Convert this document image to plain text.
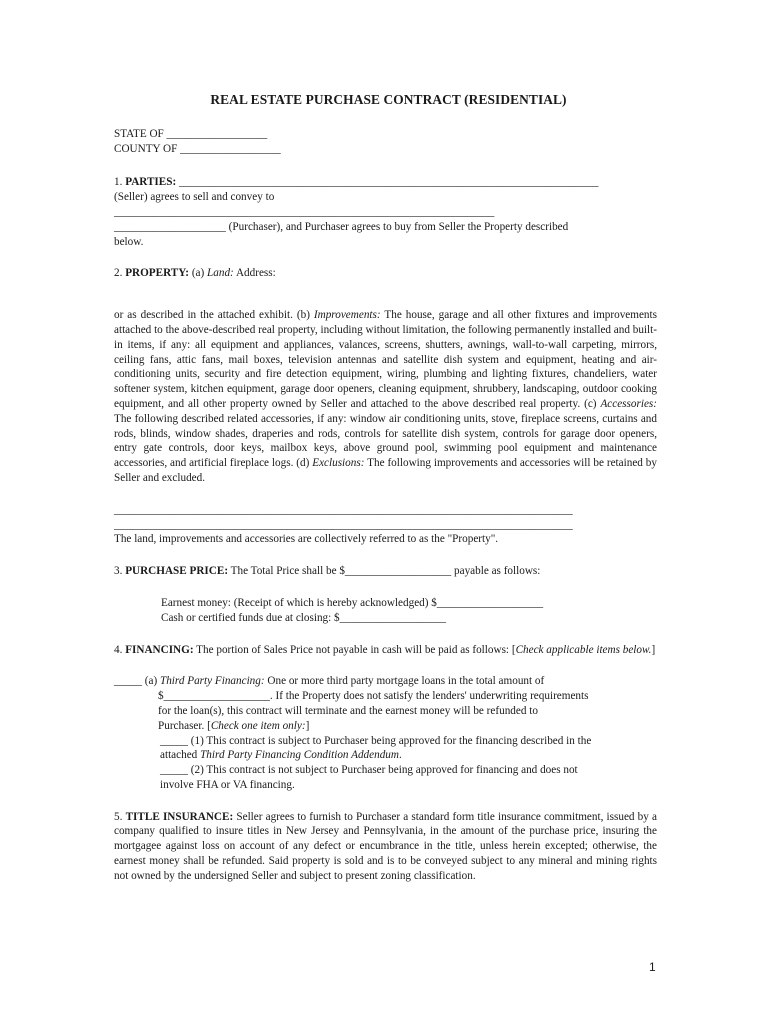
REAL ESTATE PURCHASE CONTRACT (RESIDENTIAL)
STATE OF __________________
COUNTY OF __________________
1. PARTIES: ___________________________________________________________________________
(Seller) agrees to sell and convey to
____________________________________________________________________
____________________ (Purchaser), and Purchaser agrees to buy from Seller the Property described
below.
2. PROPERTY: (a) Land: Address:
or as described in the attached exhibit. (b) Improvements: The house, garage and all other fixtures and improvements attached to the above-described real property, including without limitation, the following permanently installed and built-in items, if any: all equipment and appliances, valances, screens, shutters, awnings, wall-to-wall carpeting, mirrors, ceiling fans, attic fans, mail boxes, television antennas and satellite dish system and equipment, heating and air-conditioning units, security and fire detection equipment, wiring, plumbing and lighting fixtures, chandeliers, water softener system, kitchen equipment, garage door openers, cleaning equipment, shrubbery, landscaping, outdoor cooking equipment, and all other property owned by Seller and attached to the above described real property. (c) Accessories: The following described related accessories, if any: window air conditioning units, stove, fireplace screens, curtains and rods, blinds, window shades, draperies and rods, controls for satellite dish system, controls for garage door openers, entry gate controls, door keys, mailbox keys, above ground pool, swimming pool equipment and maintenance accessories, and artificial fireplace logs. (d) Exclusions: The following improvements and accessories will be retained by Seller and excluded.
__________________________________________________________________________________
__________________________________________________________________________________
The land, improvements and accessories are collectively referred to as the "Property".
3. PURCHASE PRICE: The Total Price shall be $___________________ payable as follows:
Earnest money: (Receipt of which is hereby acknowledged) $___________________
Cash or certified funds due at closing: $___________________
4. FINANCING: The portion of Sales Price not payable in cash will be paid as follows: [Check applicable items below.]
_____ (a) Third Party Financing: One or more third party mortgage loans in the total amount of
$___________________. If the Property does not satisfy the lenders' underwriting requirements
for the loan(s), this contract will terminate and the earnest money will be refunded to
Purchaser. [Check one item only:]
_____ (1) This contract is subject to Purchaser being approved for the financing described in the
attached Third Party Financing Condition Addendum.
_____ (2) This contract is not subject to Purchaser being approved for financing and does not
involve FHA or VA financing.
5. TITLE INSURANCE: Seller agrees to furnish to Purchaser a standard form title insurance commitment, issued by a company qualified to insure titles in New Jersey and Pennsylvania, in the amount of the purchase price, insuring the mortgagee against loss on account of any defect or encumbrance in the title, unless herein excepted; otherwise, the earnest money shall be refunded. Said property is sold and is to be conveyed subject to any mineral and mining rights not owned by the undersigned Seller and subject to present zoning classification.
1
